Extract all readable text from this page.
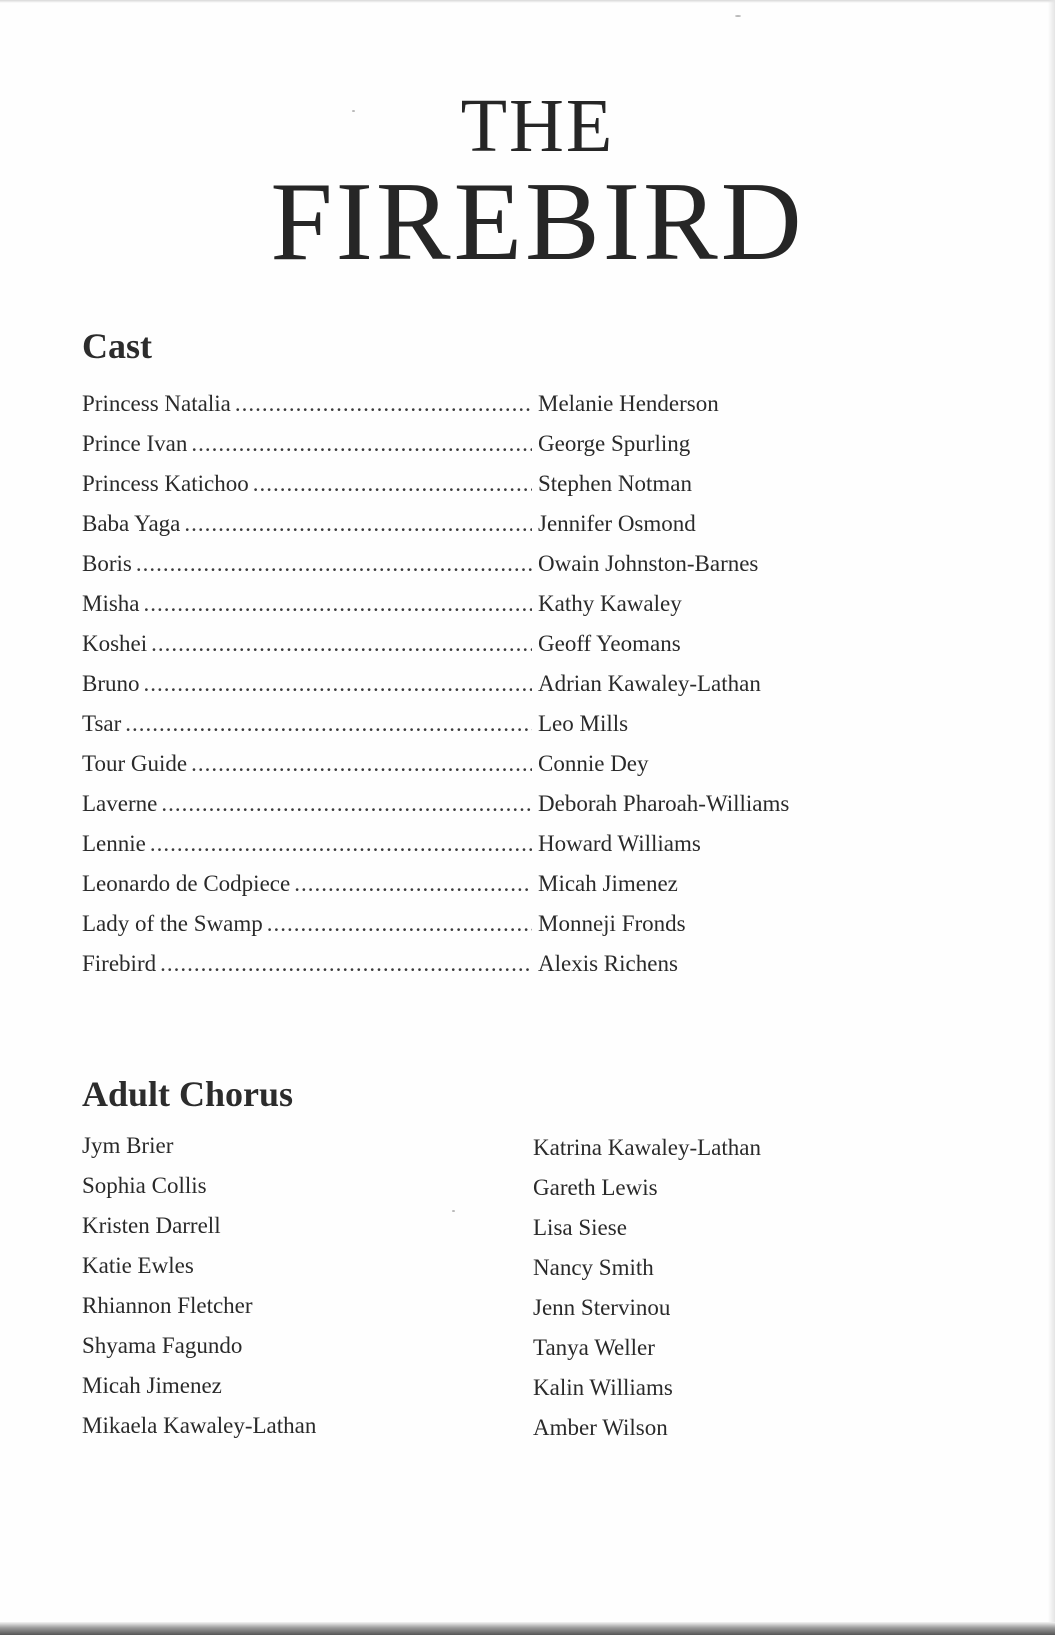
THE
FIREBIRD
Cast
Princess Natalia .....	Melanie Henderson
Prince Ivan .....	George Spurling
Princess Katichoo .....	Stephen Notman
Baba Yaga .....	Jennifer Osmond
Boris .....	Owain Johnston-Barnes
Misha .....	Kathy Kawaley
Koshei .....	Geoff Yeomans
Bruno .....	Adrian Kawaley-Lathan
Tsar .....	Leo Mills
Tour Guide .....	Connie Dey
Laverne .....	Deborah Pharoah-Williams
Lennie .....	Howard Williams
Leonardo de Codpiece .....	Micah Jimenez
Lady of the Swamp .....	Monneji Fronds
Firebird .....	Alexis Richens
Adult Chorus
Jym Brier
Sophia Collis
Kristen Darrell
Katie Ewles
Rhiannon Fletcher
Shyama Fagundo
Micah Jimenez
Mikaela Kawaley-Lathan
Katrina Kawaley-Lathan
Gareth Lewis
Lisa Siese
Nancy Smith
Jenn Stervinou
Tanya Weller
Kalin Williams
Amber Wilson
